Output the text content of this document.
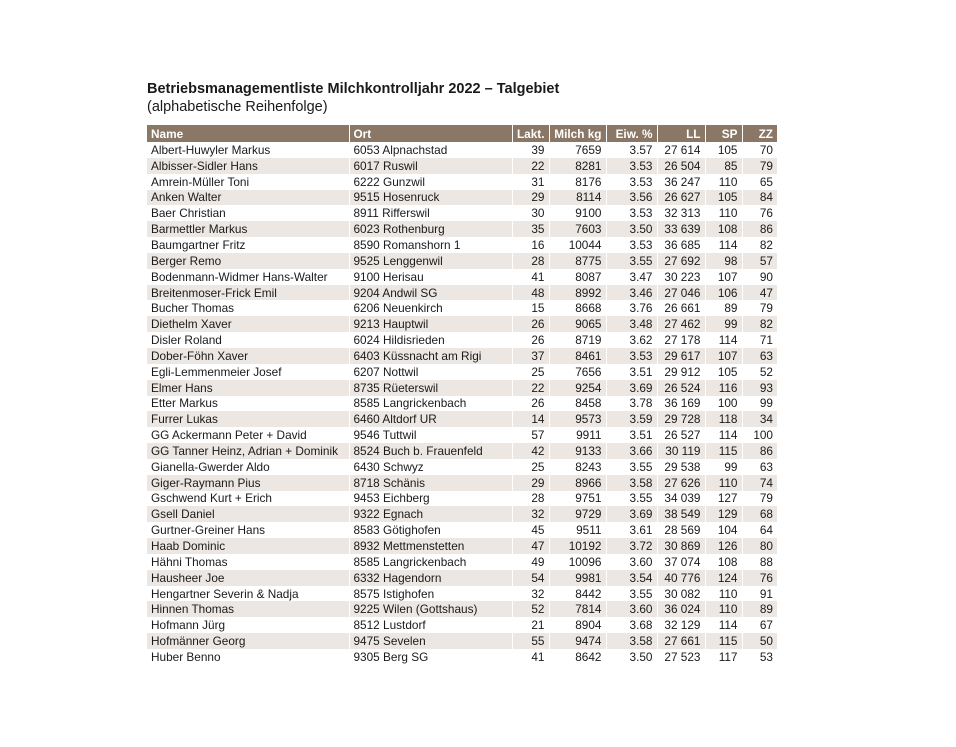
Betriebsmanagementliste Milchkontrolljahr 2022 – Talgebiet

(alphabetische Reihenfolge)

Name	Ort	Lakt.	Milch kg	Eiw. %	LL	SP	ZZ
Albert-Huwyler Markus	6053 Alpnachstad	39	7659	3.57	27 614	105	70
Albisser-Sidler Hans	6017 Ruswil	22	8281	3.53	26 504	85	79
Amrein-Müller Toni	6222 Gunzwil	31	8176	3.53	36 247	110	65
Anken Walter	9515 Hosenruck	29	8114	3.56	26 627	105	84
Baer Christian	8911 Rifferswil	30	9100	3.53	32 313	110	76
Barmettler Markus	6023 Rothenburg	35	7603	3.50	33 639	108	86
Baumgartner Fritz	8590 Romanshorn 1	16	10044	3.53	36 685	114	82
Berger Remo	9525 Lenggenwil	28	8775	3.55	27 692	98	57
Bodenmann-Widmer Hans-Walter	9100 Herisau	41	8087	3.47	30 223	107	90
Breitenmoser-Frick Emil	9204 Andwil SG	48	8992	3.46	27 046	106	47
Bucher Thomas	6206 Neuenkirch	15	8668	3.76	26 661	89	79
Diethelm Xaver	9213 Hauptwil	26	9065	3.48	27 462	99	82
Disler Roland	6024 Hildisrieden	26	8719	3.62	27 178	114	71
Dober-Föhn Xaver	6403 Küssnacht am Rigi	37	8461	3.53	29 617	107	63
Egli-Lemmenmeier Josef	6207 Nottwil	25	7656	3.51	29 912	105	52
Elmer Hans	8735 Rüeterswil	22	9254	3.69	26 524	116	93
Etter Markus	8585 Langrickenbach	26	8458	3.78	36 169	100	99
Furrer Lukas	6460 Altdorf UR	14	9573	3.59	29 728	118	34
GG Ackermann Peter + David	9546 Tuttwil	57	9911	3.51	26 527	114	100
GG Tanner Heinz, Adrian + Dominik	8524 Buch b. Frauenfeld	42	9133	3.66	30 119	115	86
Gianella-Gwerder Aldo	6430 Schwyz	25	8243	3.55	29 538	99	63
Giger-Raymann Pius	8718 Schänis	29	8966	3.58	27 626	110	74
Gschwend Kurt + Erich	9453 Eichberg	28	9751	3.55	34 039	127	79
Gsell Daniel	9322 Egnach	32	9729	3.69	38 549	129	68
Gurtner-Greiner Hans	8583 Götighofen	45	9511	3.61	28 569	104	64
Haab Dominic	8932 Mettmenstetten	47	10192	3.72	30 869	126	80
Hähni Thomas	8585 Langrickenbach	49	10096	3.60	37 074	108	88
Hausheer Joe	6332 Hagendorn	54	9981	3.54	40 776	124	76
Hengartner Severin & Nadja	8575 Istighofen	32	8442	3.55	30 082	110	91
Hinnen Thomas	9225 Wilen (Gottshaus)	52	7814	3.60	36 024	110	89
Hofmann Jürg	8512 Lustdorf	21	8904	3.68	32 129	114	67
Hofmänner Georg	9475 Sevelen	55	9474	3.58	27 661	115	50
Huber Benno	9305 Berg SG	41	8642	3.50	27 523	117	53
